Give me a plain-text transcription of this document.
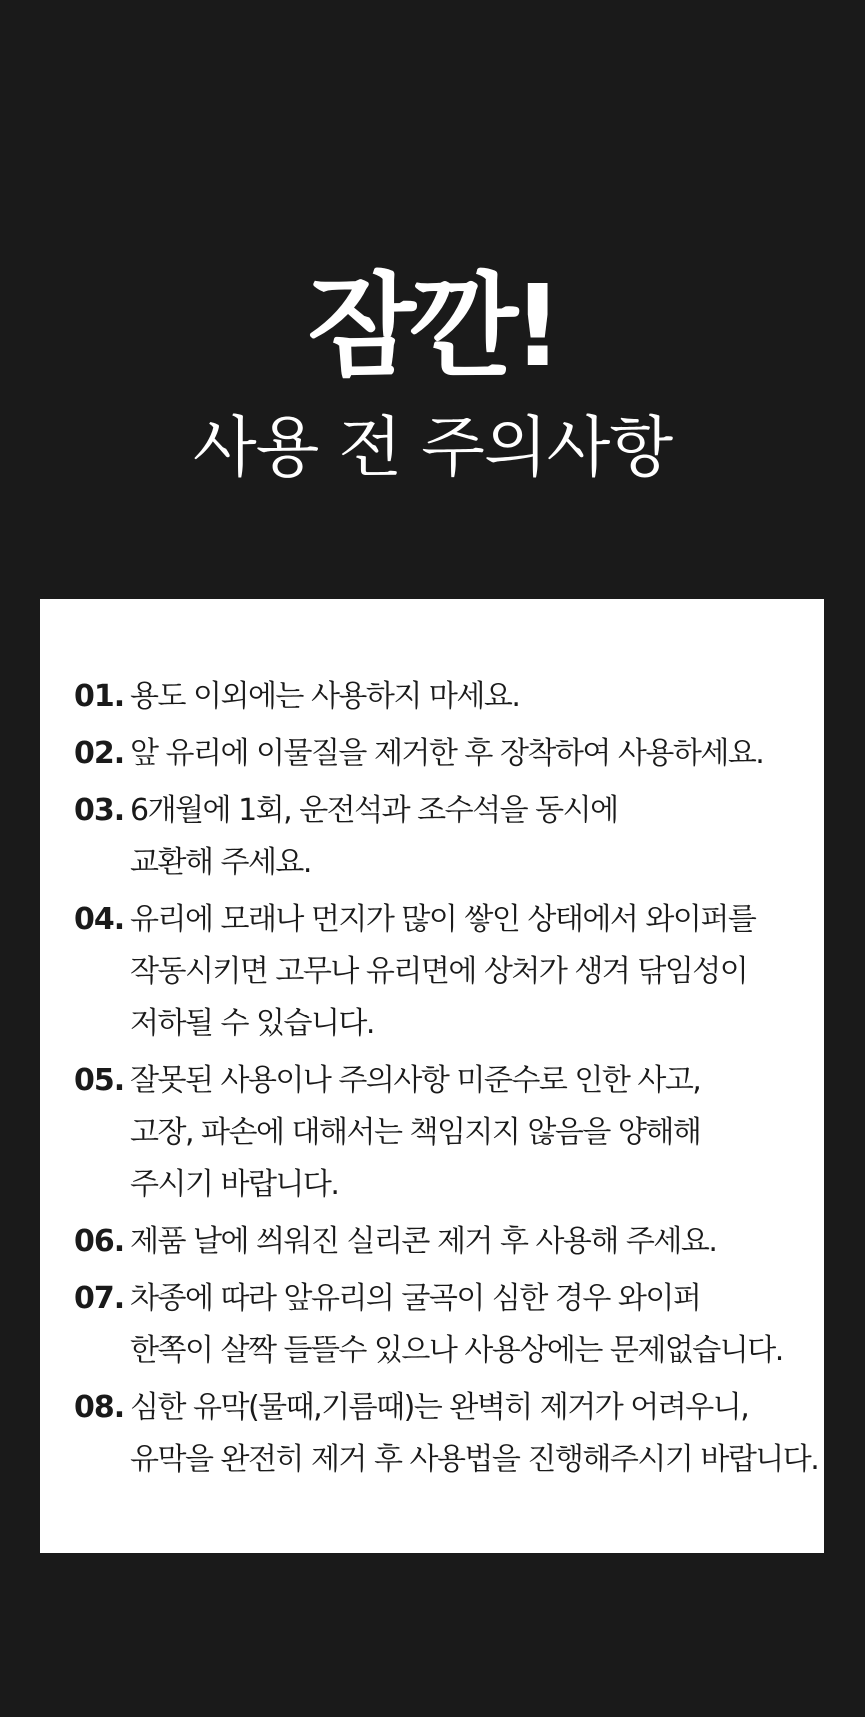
잠깐!
사용 전 주의사항
01. 용도 이외에는 사용하지 마세요.
02. 앞 유리에 이물질을 제거한 후 장착하여 사용하세요.
03. 6개월에 1회, 운전석과 조수석을 동시에
교환해 주세요.
04. 유리에 모래나 먼지가 많이 쌓인 상태에서 와이퍼를
작동시키면 고무나 유리면에 상처가 생겨 닦임성이
저하될 수 있습니다.
05. 잘못된 사용이나 주의사항 미준수로 인한 사고,
고장, 파손에 대해서는 책임지지 않음을 양해해
주시기 바랍니다.
06. 제품 날에 씌워진 실리콘 제거 후 사용해 주세요.
07. 차종에 따라 앞유리의 굴곡이 심한 경우 와이퍼
한쪽이 살짝 들뜰수 있으나 사용상에는 문제없습니다.
08. 심한 유막(물때,기름때)는 완벽히 제거가 어려우니,
유막을 완전히 제거 후 사용법을 진행해주시기 바랍니다.
